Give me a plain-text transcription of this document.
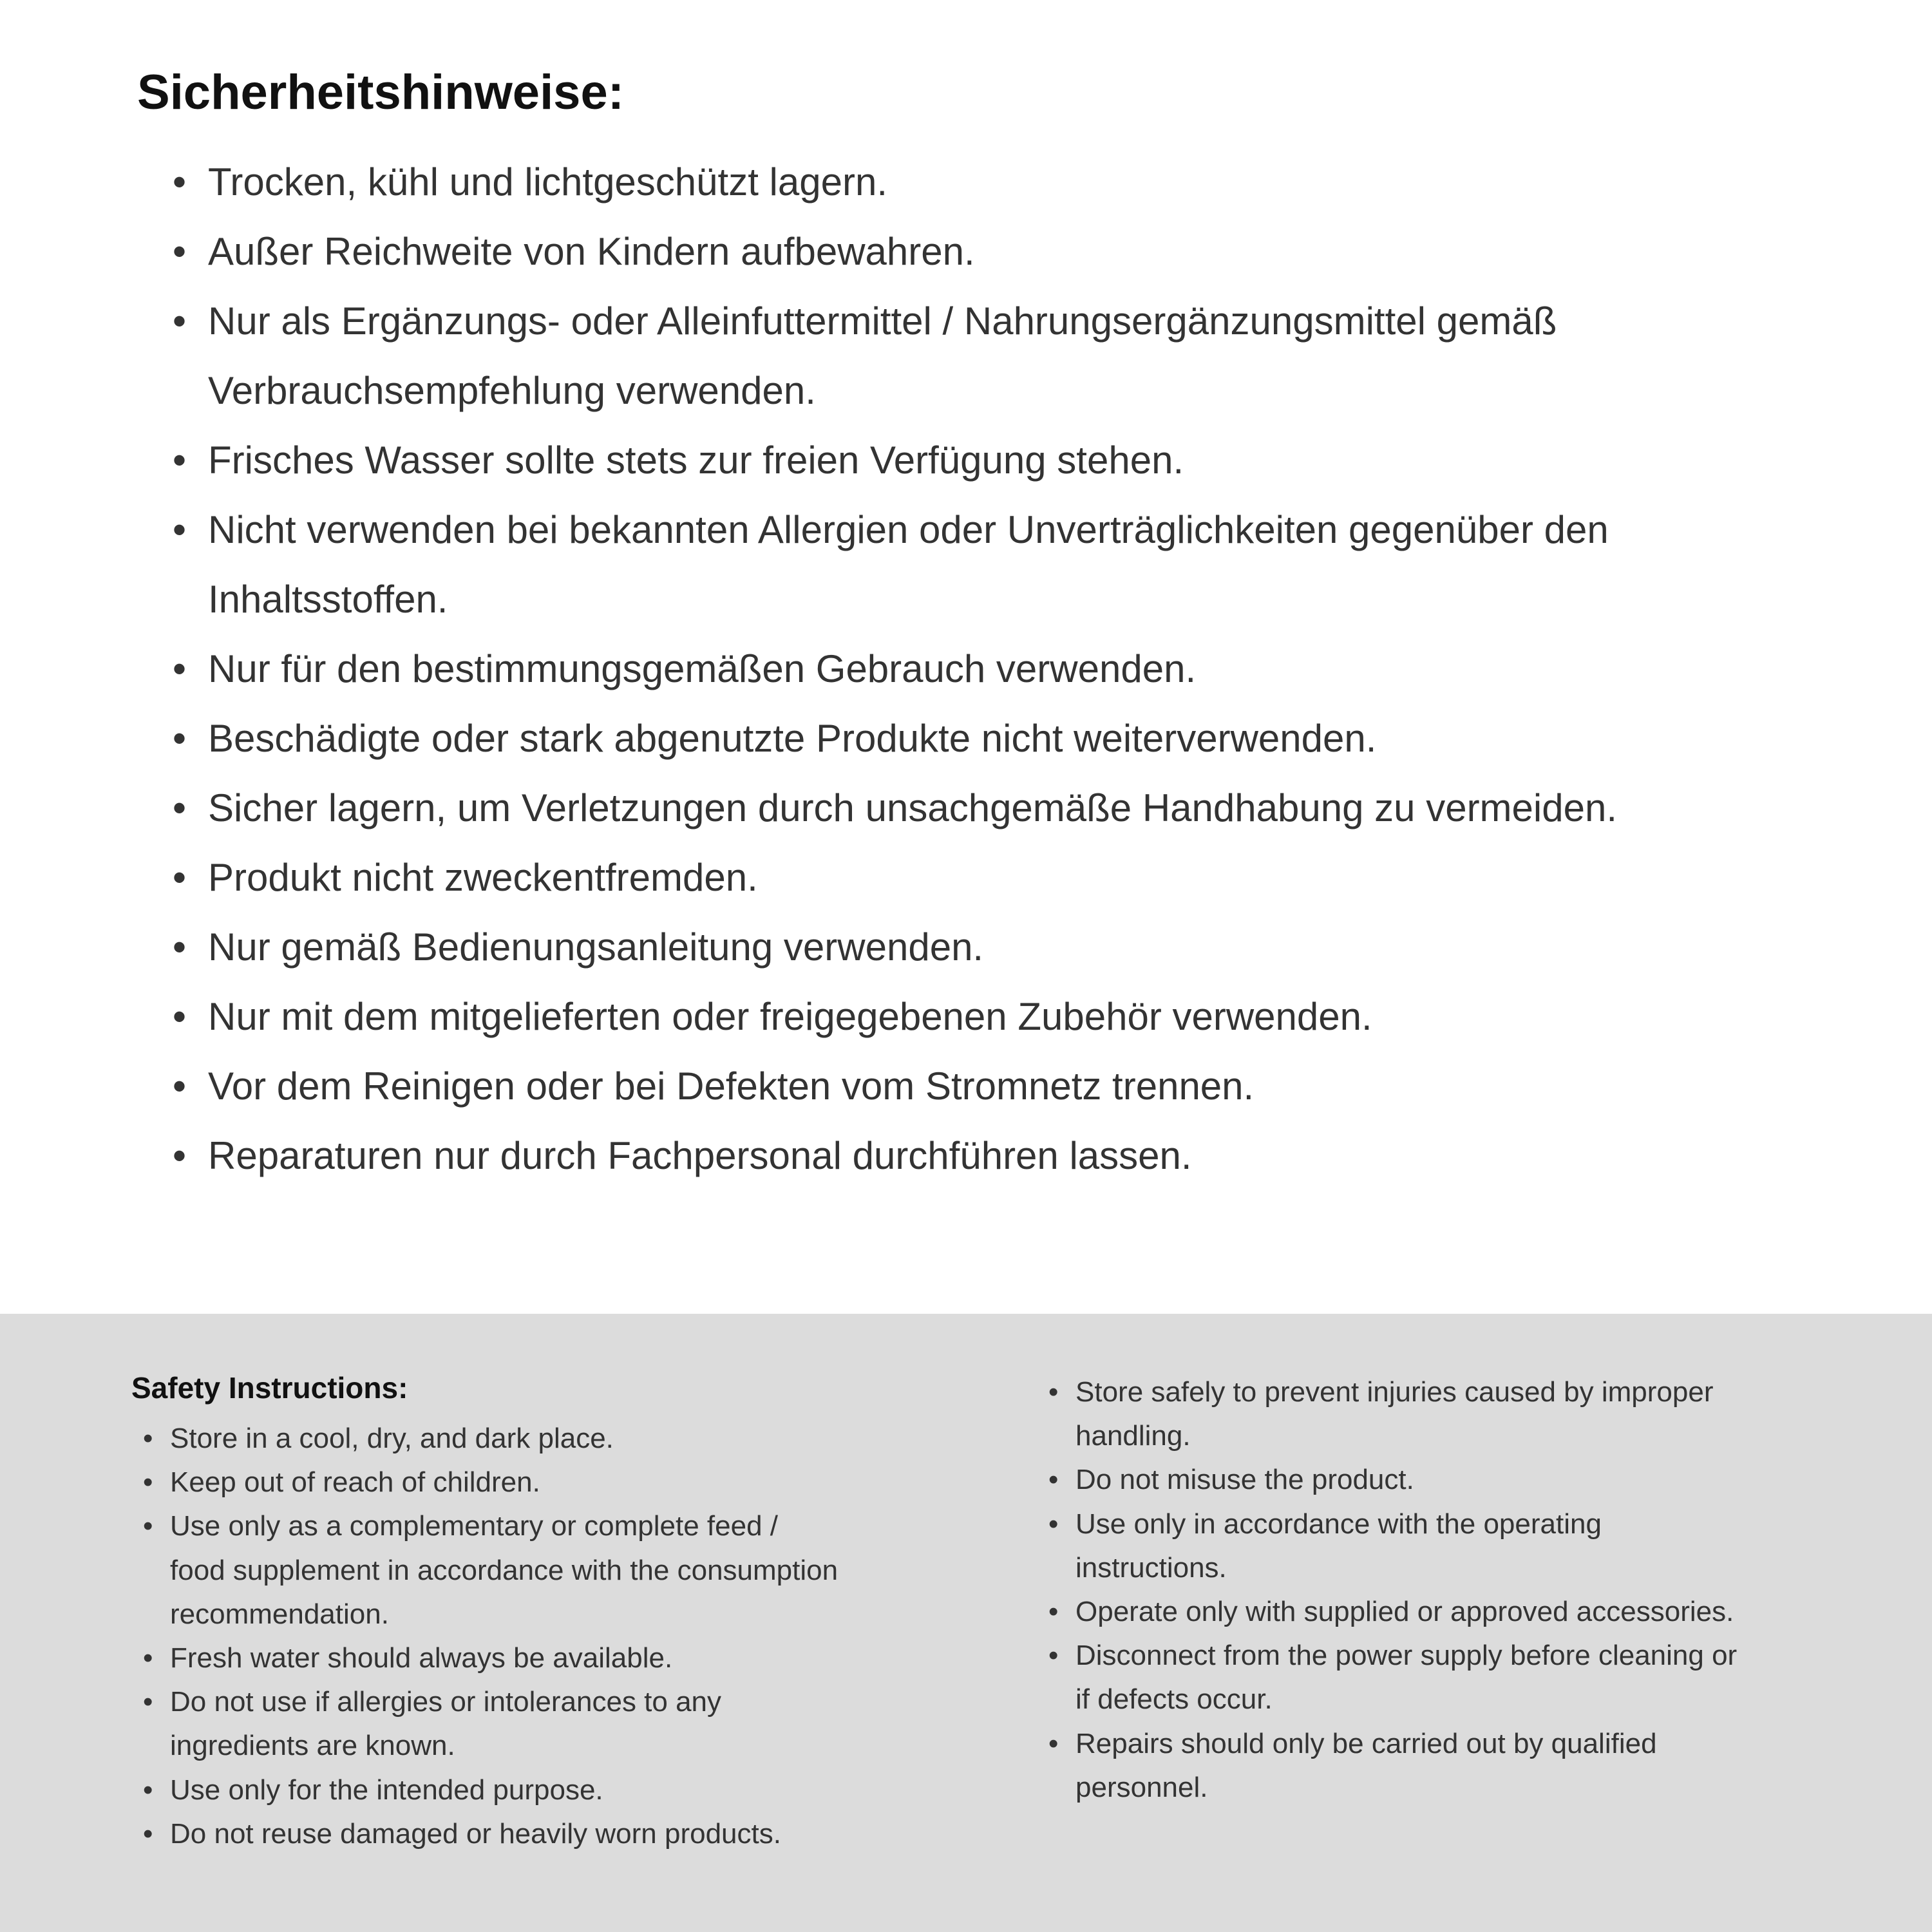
Sicherheitshinweise:
• Trocken, kühl und lichtgeschützt lagern.
• Außer Reichweite von Kindern aufbewahren.
• Nur als Ergänzungs- oder Alleinfuttermittel / Nahrungsergänzungsmittel gemäß Verbrauchsempfehlung verwenden.
• Frisches Wasser sollte stets zur freien Verfügung stehen.
• Nicht verwenden bei bekannten Allergien oder Unverträglichkeiten gegenüber den Inhaltsstoffen.
• Nur für den bestimmungsgemäßen Gebrauch verwenden.
• Beschädigte oder stark abgenutzte Produkte nicht weiterverwenden.
• Sicher lagern, um Verletzungen durch unsachgemäße Handhabung zu vermeiden.
• Produkt nicht zweckentfremden.
• Nur gemäß Bedienungsanleitung verwenden.
• Nur mit dem mitgelieferten oder freigegebenen Zubehör verwenden.
• Vor dem Reinigen oder bei Defekten vom Stromnetz trennen.
• Reparaturen nur durch Fachpersonal durchführen lassen.
Safety Instructions:
• Store in a cool, dry, and dark place.
• Keep out of reach of children.
• Use only as a complementary or complete feed / food supplement in accordance with the consumption recommendation.
• Fresh water should always be available.
• Do not use if allergies or intolerances to any ingredients are known.
• Use only for the intended purpose.
• Do not reuse damaged or heavily worn products.
• Store safely to prevent injuries caused by improper handling.
• Do not misuse the product.
• Use only in accordance with the operating instructions.
• Operate only with supplied or approved accessories.
• Disconnect from the power supply before cleaning or if defects occur.
• Repairs should only be carried out by qualified personnel.
